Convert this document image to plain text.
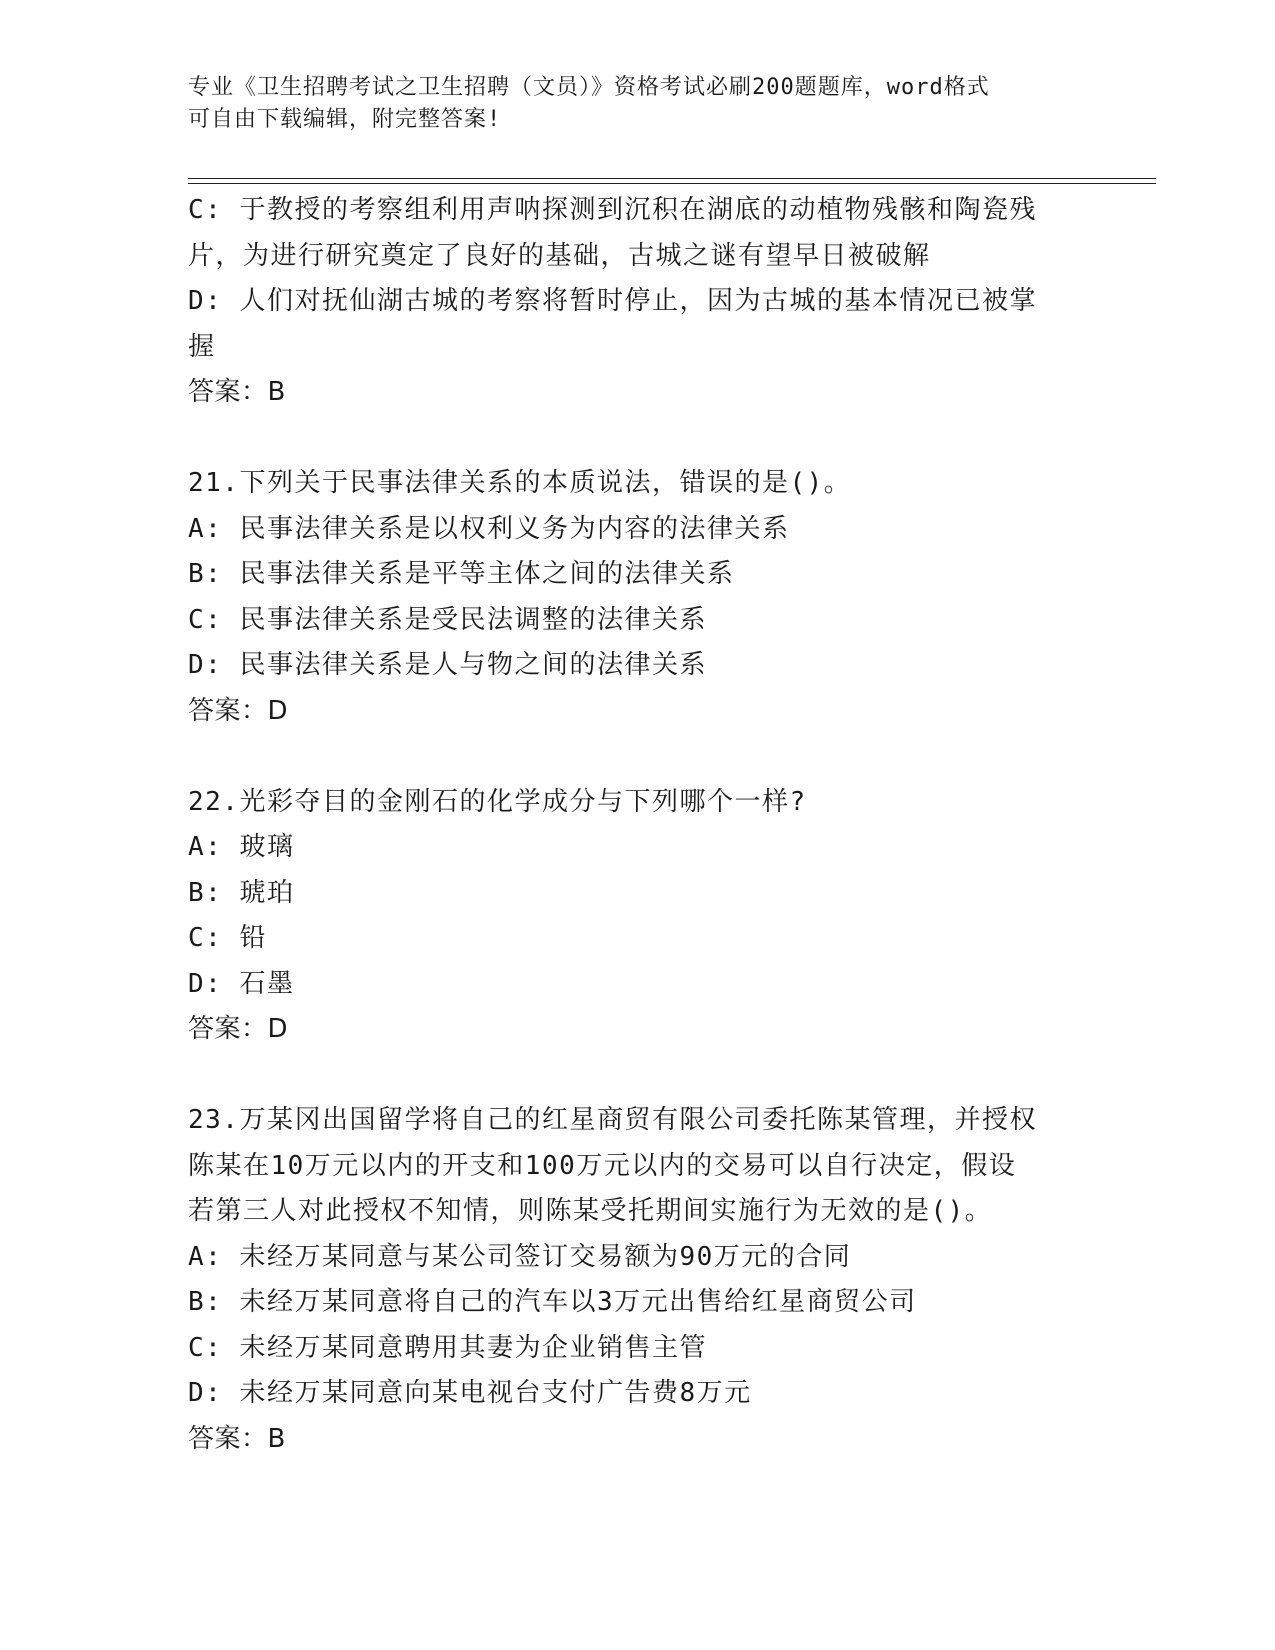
专业《卫生招聘考试之卫生招聘（文员）》资格考试必刷200题题库，word格式
可自由下载编辑，附完整答案!
C: 于教授的考察组利用声呐探测到沉积在湖底的动植物残骸和陶瓷残
片，为进行研究奠定了良好的基础，古城之谜有望早日被破解
D: 人们对抚仙湖古城的考察将暂时停止，因为古城的基本情况已被掌
握
答案：B
21.下列关于民事法律关系的本质说法，错误的是()。
A: 民事法律关系是以权利义务为内容的法律关系
B: 民事法律关系是平等主体之间的法律关系
C: 民事法律关系是受民法调整的法律关系
D: 民事法律关系是人与物之间的法律关系
答案：D
22.光彩夺目的金刚石的化学成分与下列哪个一样?
A: 玻璃
B: 琥珀
C: 铅
D: 石墨
答案：D
23.万某冈出国留学将自己的红星商贸有限公司委托陈某管理，并授权
陈某在10万元以内的开支和100万元以内的交易可以自行决定，假设
若第三人对此授权不知情，则陈某受托期间实施行为无效的是()。
A: 未经万某同意与某公司签订交易额为90万元的合同
B: 未经万某同意将自己的汽车以3万元出售给红星商贸公司
C: 未经万某同意聘用其妻为企业销售主管
D: 未经万某同意向某电视台支付广告费8万元
答案：B
